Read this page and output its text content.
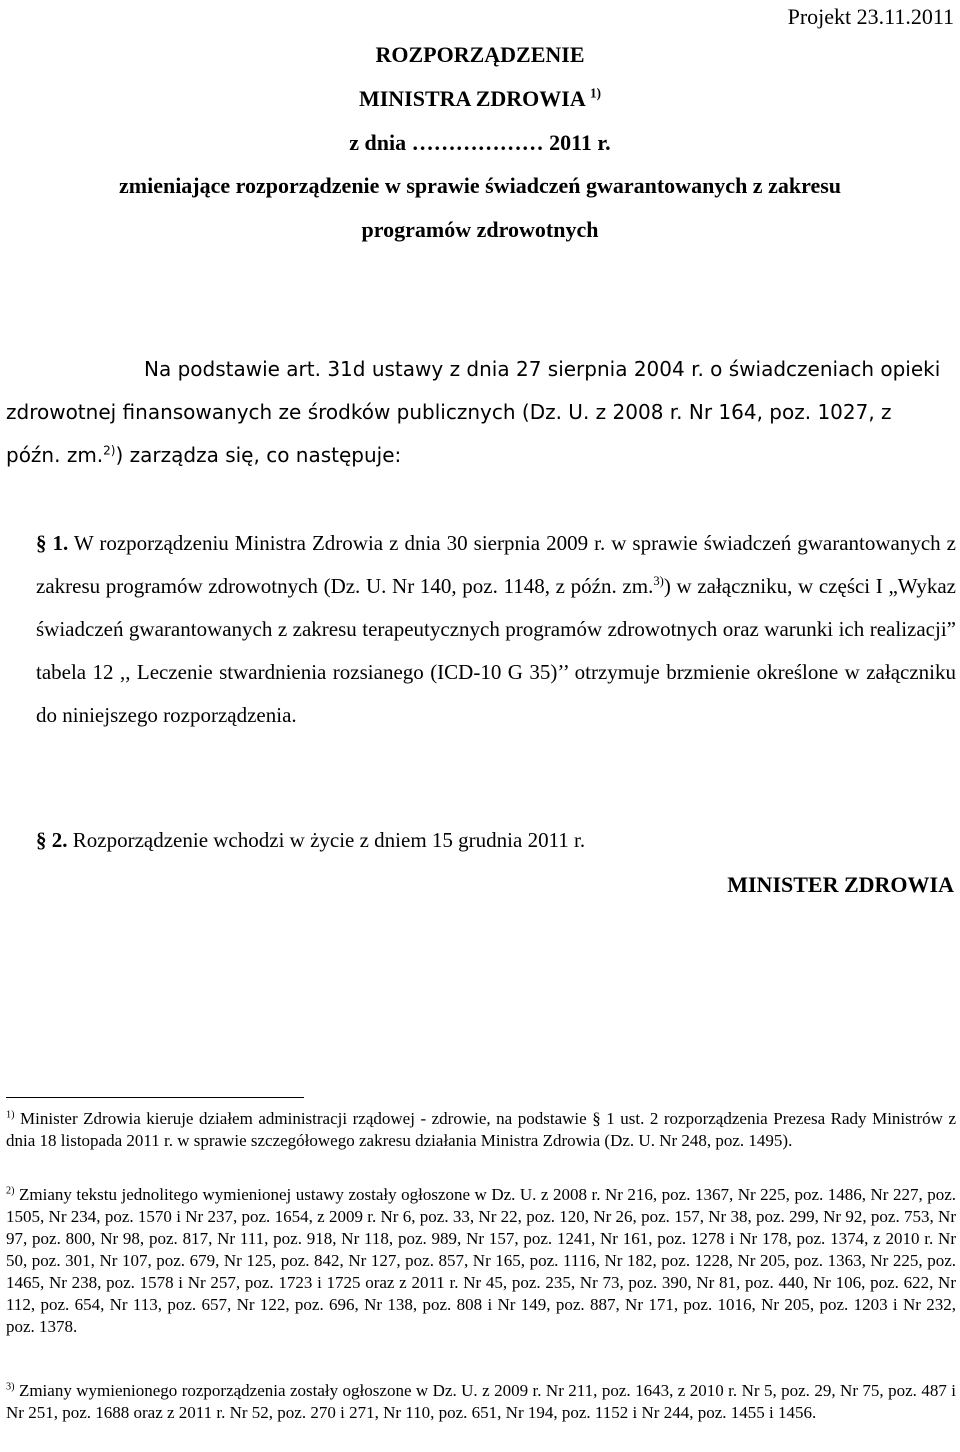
Projekt 23.11.2011
ROZPORZĄDZENIE
MINISTRA ZDROWIA $^{1)}$
z dnia ……………… 2011 r.
zmieniające rozporządzenie w sprawie świadczeń gwarantowanych z zakresu
programów zdrowotnych
Na podstawie art. 31d ustawy z dnia 27 sierpnia 2004 r. o świadczeniach opieki
zdrowotnej finansowanych ze środków publicznych (Dz. U. z 2008 r. Nr 164, poz. 1027, z
późn. zm.$^{2)}$) zarządza się, co następuje:
§ 1. W rozporządzeniu Ministra Zdrowia z dnia 30 sierpnia 2009 r. w sprawie świadczeń gwarantowanych z zakresu programów zdrowotnych (Dz. U. Nr 140, poz. 1148, z późn. zm.$^{3)}$) w załączniku, w części I „Wykaz świadczeń gwarantowanych z zakresu terapeutycznych programów zdrowotnych oraz warunki ich realizacji” tabela 12 ,, Leczenie stwardnienia rozsianego (ICD-10 G 35)’’ otrzymuje brzmienie określone w załączniku do niniejszego rozporządzenia.
§ 2. Rozporządzenie wchodzi w życie z dniem 15 grudnia 2011 r.
MINISTER ZDROWIA
$^{1)}$ Minister Zdrowia kieruje działem administracji rządowej - zdrowie, na podstawie § 1 ust. 2 rozporządzenia Prezesa Rady Ministrów z dnia 18 listopada 2011 r. w sprawie szczegółowego zakresu działania Ministra Zdrowia (Dz. U. Nr 248, poz. 1495).
$^{2)}$ Zmiany tekstu jednolitego wymienionej ustawy zostały ogłoszone w Dz. U. z 2008 r. Nr 216, poz. 1367, Nr 225, poz. 1486, Nr 227, poz. 1505, Nr 234, poz. 1570 i Nr 237, poz. 1654, z 2009 r. Nr 6, poz. 33, Nr 22, poz. 120, Nr 26, poz. 157, Nr 38, poz. 299, Nr 92, poz. 753, Nr 97, poz. 800, Nr 98, poz. 817, Nr 111, poz. 918, Nr 118, poz. 989, Nr 157, poz. 1241, Nr 161, poz. 1278 i Nr 178, poz. 1374, z 2010 r. Nr 50, poz. 301, Nr 107, poz. 679, Nr 125, poz. 842, Nr 127, poz. 857, Nr 165, poz. 1116, Nr 182, poz. 1228, Nr 205, poz. 1363, Nr 225, poz. 1465, Nr 238, poz. 1578 i Nr 257, poz. 1723 i 1725 oraz z 2011 r. Nr 45, poz. 235, Nr 73, poz. 390, Nr 81, poz. 440, Nr 106, poz. 622, Nr 112, poz. 654, Nr 113, poz. 657, Nr 122, poz. 696, Nr 138, poz. 808 i Nr 149, poz. 887, Nr 171, poz. 1016, Nr 205, poz. 1203 i Nr 232, poz. 1378.
$^{3)}$ Zmiany wymienionego rozporządzenia zostały ogłoszone w Dz. U. z 2009 r. Nr 211, poz. 1643, z 2010 r. Nr 5, poz. 29, Nr 75, poz. 487 i Nr 251, poz. 1688 oraz z 2011 r. Nr 52, poz. 270 i 271, Nr 110, poz. 651, Nr 194, poz. 1152 i Nr 244, poz. 1455 i 1456.
